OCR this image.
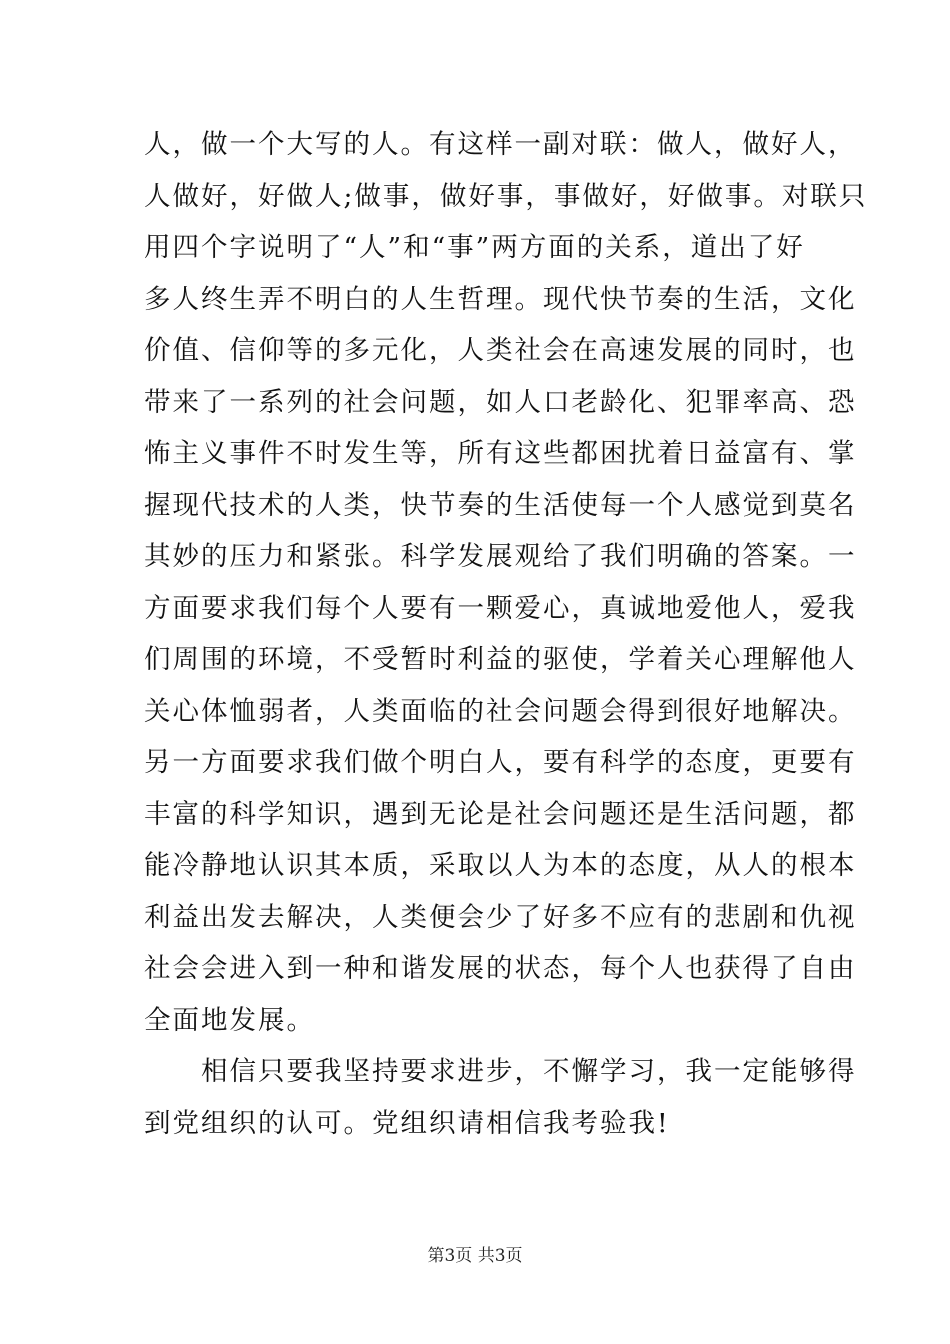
人，做一个大写的人。有这样一副对联：做人，做好人，
人做好，好做人;做事，做好事，事做好，好做事。对联只
用四个字说明了“人”和“事”两方面的关系，道出了好
多人终生弄不明白的人生哲理。现代快节奏的生活，文化
价值、信仰等的多元化，人类社会在高速发展的同时，也
带来了一系列的社会问题，如人口老龄化、犯罪率高、恐
怖主义事件不时发生等，所有这些都困扰着日益富有、掌
握现代技术的人类，快节奏的生活使每一个人感觉到莫名
其妙的压力和紧张。科学发展观给了我们明确的答案。一
方面要求我们每个人要有一颗爱心，真诚地爱他人，爱我
们周围的环境，不受暂时利益的驱使，学着关心理解他人
关心体恤弱者，人类面临的社会问题会得到很好地解决。
另一方面要求我们做个明白人，要有科学的态度，更要有
丰富的科学知识，遇到无论是社会问题还是生活问题，都
能冷静地认识其本质，采取以人为本的态度，从人的根本
利益出发去解决，人类便会少了好多不应有的悲剧和仇视
社会会进入到一种和谐发展的状态，每个人也获得了自由
全面地发展。
　　相信只要我坚持要求进步，不懈学习，我一定能够得
到党组织的认可。党组织请相信我考验我!
第3页 共3页
